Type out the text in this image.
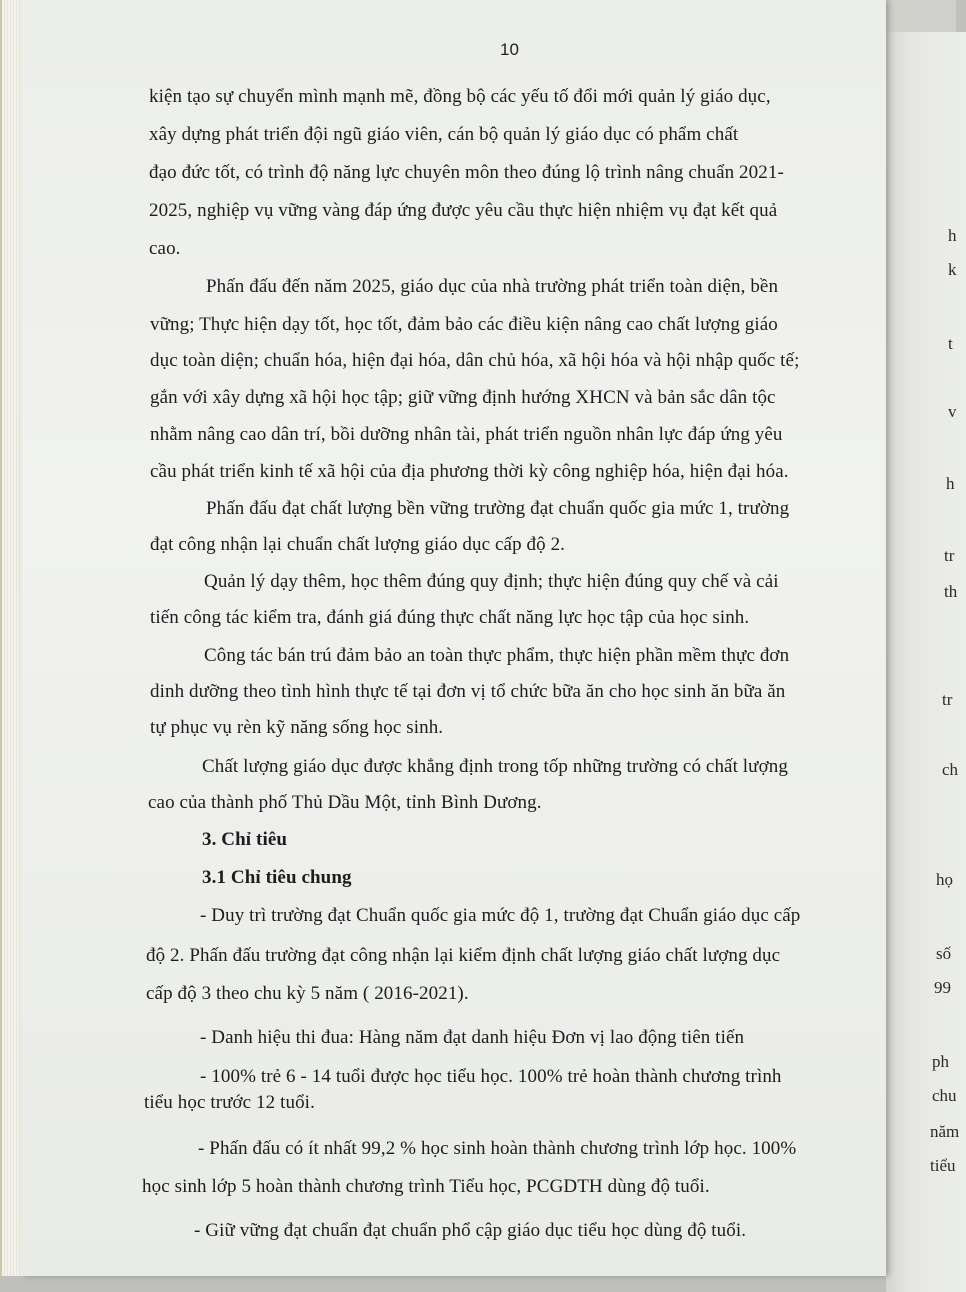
h
k
t
v
h
tr
th
tr
ch
họ
số
99
ph
chu
năm
tiểu
10
kiện tạo sự chuyển mình mạnh mẽ, đồng bộ các yếu tố đổi mới quản lý giáo dục,
xây dựng phát triển đội ngũ giáo viên, cán bộ quản lý giáo dục có phẩm chất
đạo đức tốt, có trình độ năng lực chuyên môn theo đúng lộ trình nâng chuẩn 2021-
2025, nghiệp vụ vững vàng đáp ứng được yêu cầu thực hiện nhiệm vụ đạt kết quả
cao.
Phấn đấu đến năm 2025, giáo dục của nhà trường phát triển toàn diện, bền
vững; Thực hiện dạy tốt, học tốt, đảm bảo các điều kiện nâng cao chất lượng giáo
dục toàn diện; chuẩn hóa, hiện đại hóa, dân chủ hóa, xã hội hóa và hội nhập quốc tế;
gắn với xây dựng xã hội học tập; giữ vững định hướng XHCN và bản sắc dân tộc
nhằm nâng cao dân trí, bồi dưỡng nhân tài, phát triển nguồn nhân lực đáp ứng yêu
cầu phát triển kinh tế xã hội của địa phương thời kỳ công nghiệp hóa, hiện đại hóa.
Phấn đấu đạt chất lượng bền vững trường đạt chuẩn quốc gia mức 1, trường
đạt công nhận lại chuẩn chất lượng giáo dục cấp độ 2.
Quản lý dạy thêm, học thêm đúng quy định; thực hiện đúng quy chế và cải
tiến công tác kiểm tra, đánh giá đúng thực chất năng lực học tập của học sinh.
Công tác bán trú đảm bảo an toàn thực phẩm, thực hiện phần mềm thực đơn
dinh dưỡng theo tình hình thực tế tại đơn vị tổ chức bữa ăn cho học sinh ăn bữa ăn
tự phục vụ rèn kỹ năng sống học sinh.
Chất lượng giáo dục được khẳng định trong tốp những trường có chất lượng
cao của thành phố Thủ Dầu Một, tỉnh Bình Dương.
3. Chỉ tiêu
3.1 Chỉ tiêu chung
- Duy trì trường đạt Chuẩn quốc gia mức độ 1, trường đạt Chuẩn giáo dục cấp
độ 2. Phấn đấu trường đạt công nhận lại kiểm định chất lượng giáo chất lượng dục
cấp độ 3 theo chu kỳ 5 năm ( 2016-2021).
- Danh hiệu thi đua: Hàng năm đạt danh hiệu Đơn vị lao động tiên tiến
- 100% trẻ 6 - 14 tuổi được học tiểu học. 100% trẻ hoàn thành chương trình
tiểu học trước 12 tuổi.
- Phấn đấu có ít nhất 99,2 % học sinh hoàn thành chương trình lớp học. 100%
học sinh lớp 5 hoàn thành chương trình Tiểu học, PCGDTH dùng độ tuổi.
- Giữ vững đạt chuẩn đạt chuẩn phổ cập giáo dục tiểu học dùng độ tuổi.
